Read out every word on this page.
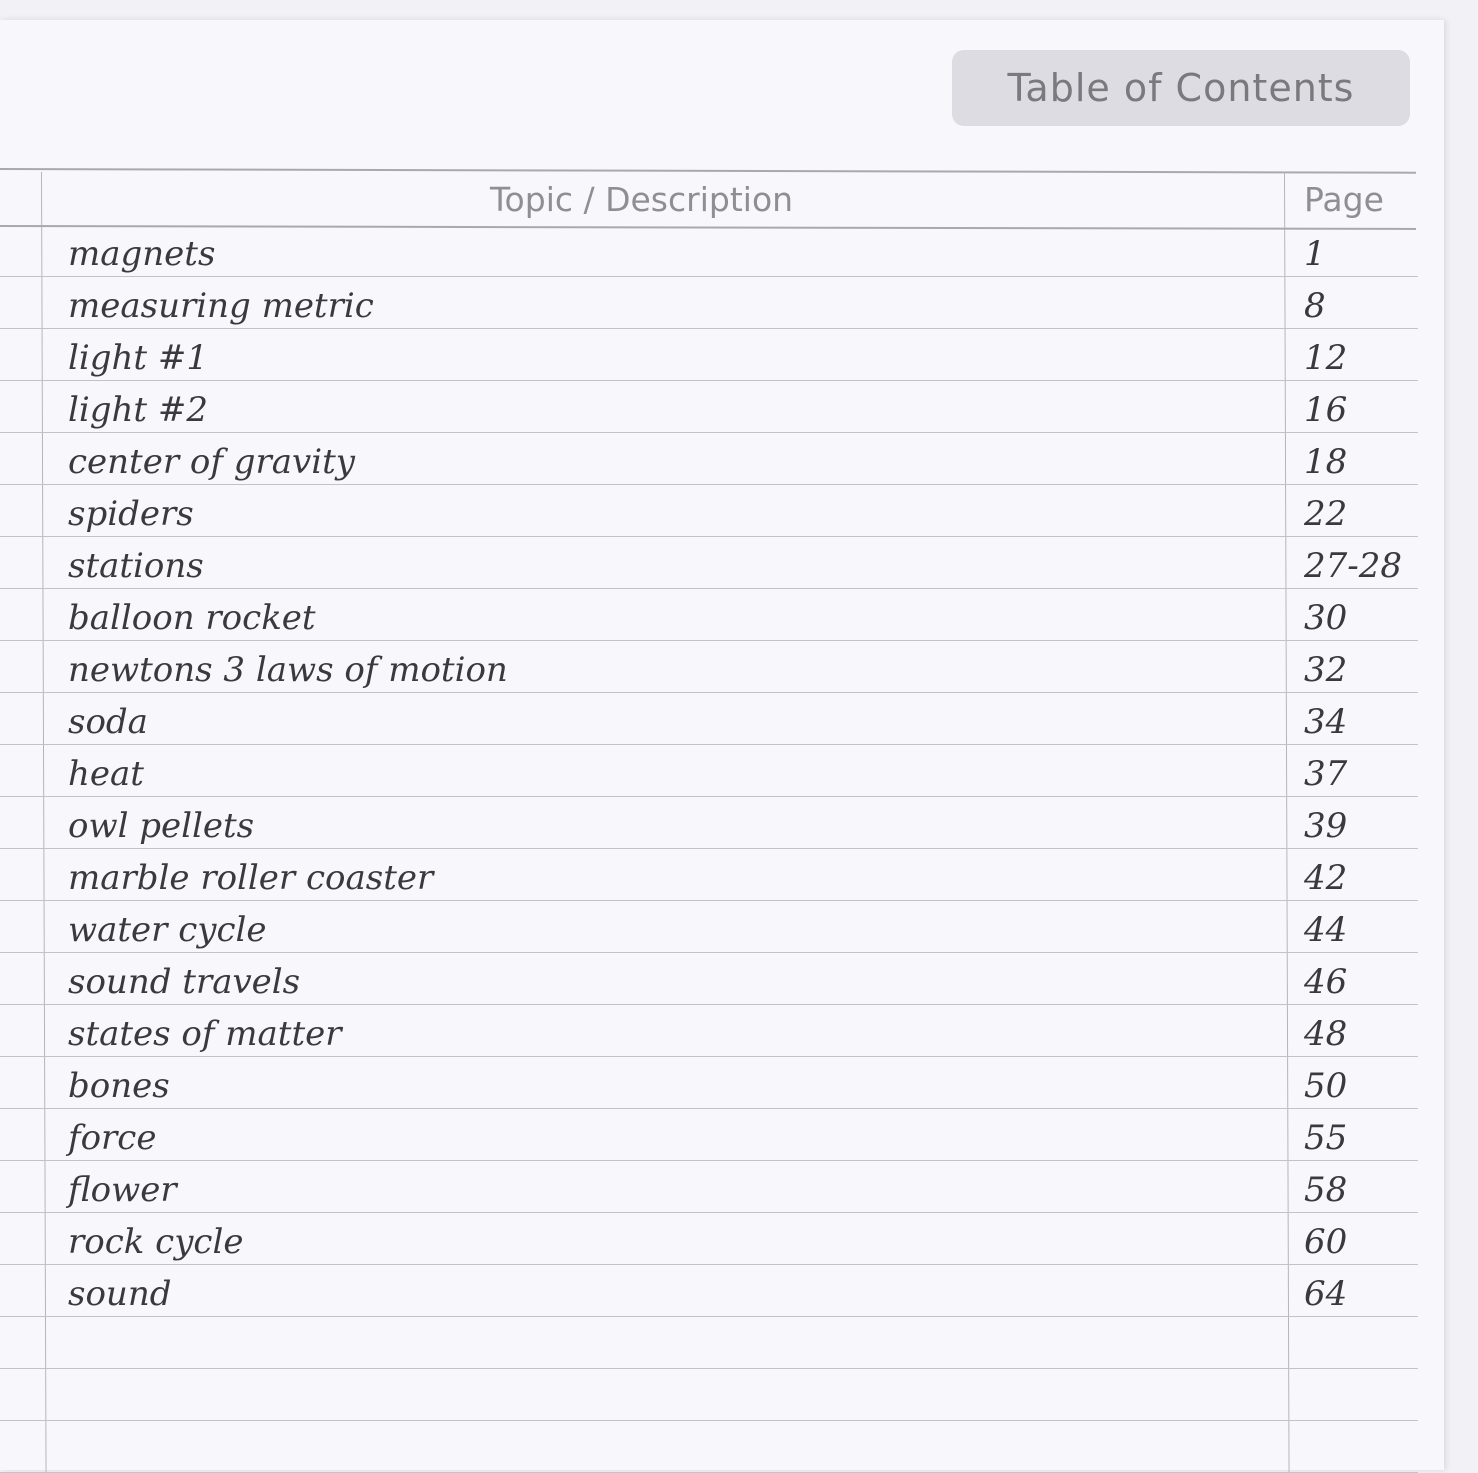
Table of Contents
Topic / Description	Page
magnets	1
measuring metric	8
light #1	12
light #2	16
center of gravity	18
spiders	22
stations	27-28
balloon rocket	30
newtons 3 laws of motion	32
soda	34
heat	37
owl pellets	39
marble roller coaster	42
water cycle	44
sound travels	46
states of matter	48
bones	50
force	55
flower	58
rock cycle	60
sound	64
